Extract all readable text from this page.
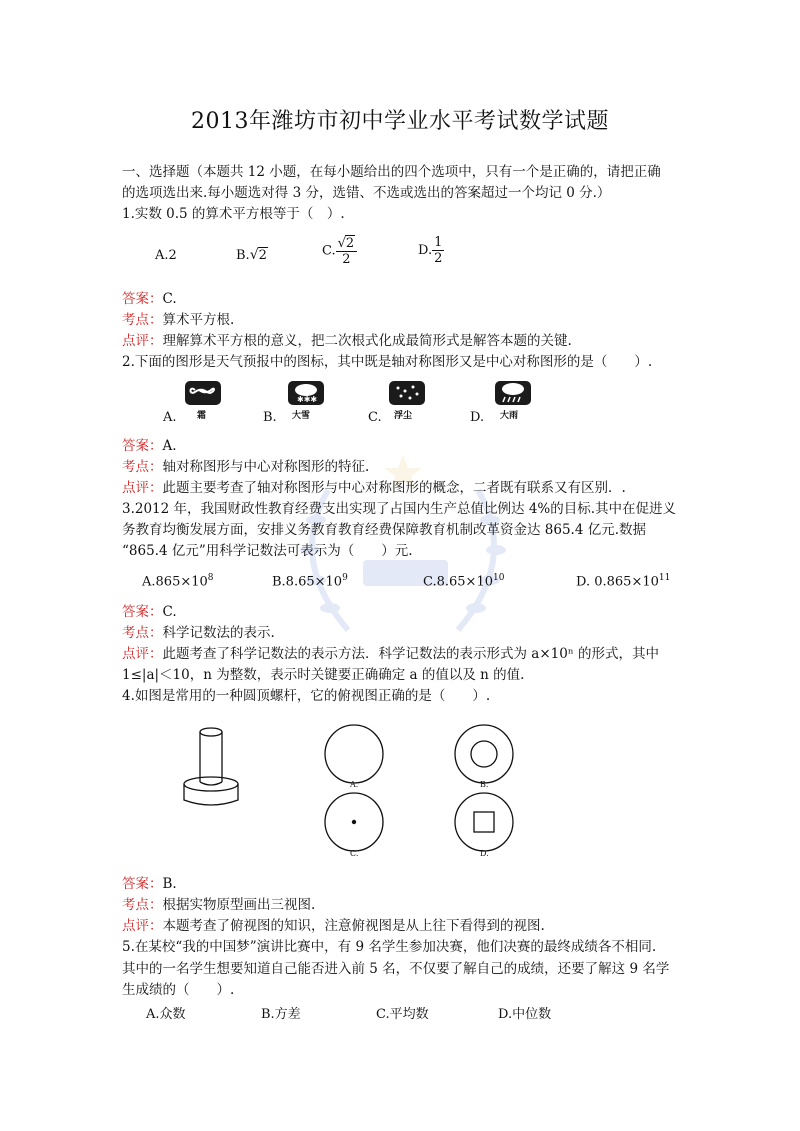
2013年潍坊市初中学业水平考试数学试题
一、选择题（本题共 12 小题，在每小题给出的四个选项中，只有一个是正确的，请把正确
的选项选出来.每小题选对得 3 分，选错、不选或选出的答案超过一个均记 0 分.）
1.实数 0.5 的算术平方根等于（　）.
A.2	B.√2	C. $\frac{√2}{2}$	D. $\frac{1}{2}$
答案：C.
考点：算术平方根.
点评：理解算术平方根的意义，把二次根式化成最简形式是解答本题的关键.
2.下面的图形是天气预报中的图标，其中既是轴对称图形又是中心对称图形的是（　　）.
A. 霜	B.
✱✱✱
大雪	C. 浮尘	D. 大雨
答案：A.
考点：轴对称图形与中心对称图形的特征.
点评：此题主要考查了轴对称图形与中心对称图形的概念，二者既有联系又有区别．.
3.2012 年，我国财政性教育经费支出实现了占国内生产总值比例达 4%的目标.其中在促进义
务教育均衡发展方面，安排义务教育教育经费保障教育机制改革资金达 865.4 亿元.数据
“865.4 亿元”用科学记数法可表示为（　　）元.
$A.865\times 10^8$	$B.8.65\times 10^9$	$C.8.65\times 10^{10}$	D. $0.865\times 10^{11}$
答案：C.
考点：科学记数法的表示.
点评：此题考查了科学记数法的表示方法．科学记数法的表示形式为 a×10ⁿ 的形式，其中
1≤|a|＜10，n 为整数，表示时关键要正确确定 a 的值以及 n 的值.
4.如图是常用的一种圆顶螺杆，它的俯视图正确的是（　　）.
A.	B.
C.	D.
答案：B.
考点：根据实物原型画出三视图.
点评：本题考查了俯视图的知识，注意俯视图是从上往下看得到的视图.
5.在某校“我的中国梦”演讲比赛中，有 9 名学生参加决赛，他们决赛的最终成绩各不相同.
其中的一名学生想要知道自己能否进入前 5 名，不仅要了解自己的成绩，还要了解这 9 名学
生成绩的（　　）.
A.众数	B.方差	C.平均数	D.中位数
